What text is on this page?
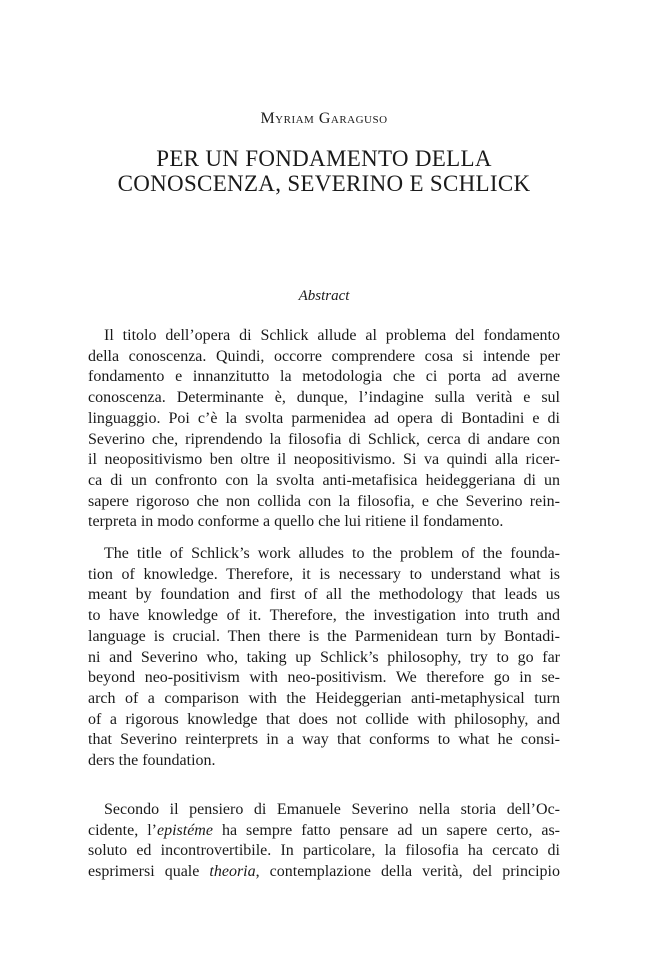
Myriam Garaguso
PER UN FONDAMENTO DELLA
CONOSCENZA, SEVERINO E SCHLICK
Abstract
Il titolo dell’opera di Schlick allude al problema del fondamento
della conoscenza. Quindi, occorre comprendere cosa si intende per
fondamento e innanzitutto la metodologia che ci porta ad averne
conoscenza. Determinante è, dunque, l’indagine sulla verità e sul
linguaggio. Poi c’è la svolta parmenidea ad opera di Bontadini e di
Severino che, riprendendo la filosofia di Schlick, cerca di andare con
il neopositivismo ben oltre il neopositivismo. Si va quindi alla ricer-
ca di un confronto con la svolta anti-metafisica heideggeriana di un
sapere rigoroso che non collida con la filosofia, e che Severino rein-
terpreta in modo conforme a quello che lui ritiene il fondamento.
The title of Schlick’s work alludes to the problem of the founda-
tion of knowledge. Therefore, it is necessary to understand what is
meant by foundation and first of all the methodology that leads us
to have knowledge of it. Therefore, the investigation into truth and
language is crucial. Then there is the Parmenidean turn by Bontadi-
ni and Severino who, taking up Schlick’s philosophy, try to go far
beyond neo-positivism with neo-positivism. We therefore go in se-
arch of a comparison with the Heideggerian anti-metaphysical turn
of a rigorous knowledge that does not collide with philosophy, and
that Severino reinterprets in a way that conforms to what he consi-
ders the foundation.
Secondo il pensiero di Emanuele Severino nella storia dell’Oc-
cidente, l’epistéme ha sempre fatto pensare ad un sapere certo, as-
soluto ed incontrovertibile. In particolare, la filosofia ha cercato di
esprimersi quale theoria, contemplazione della verità, del principio
